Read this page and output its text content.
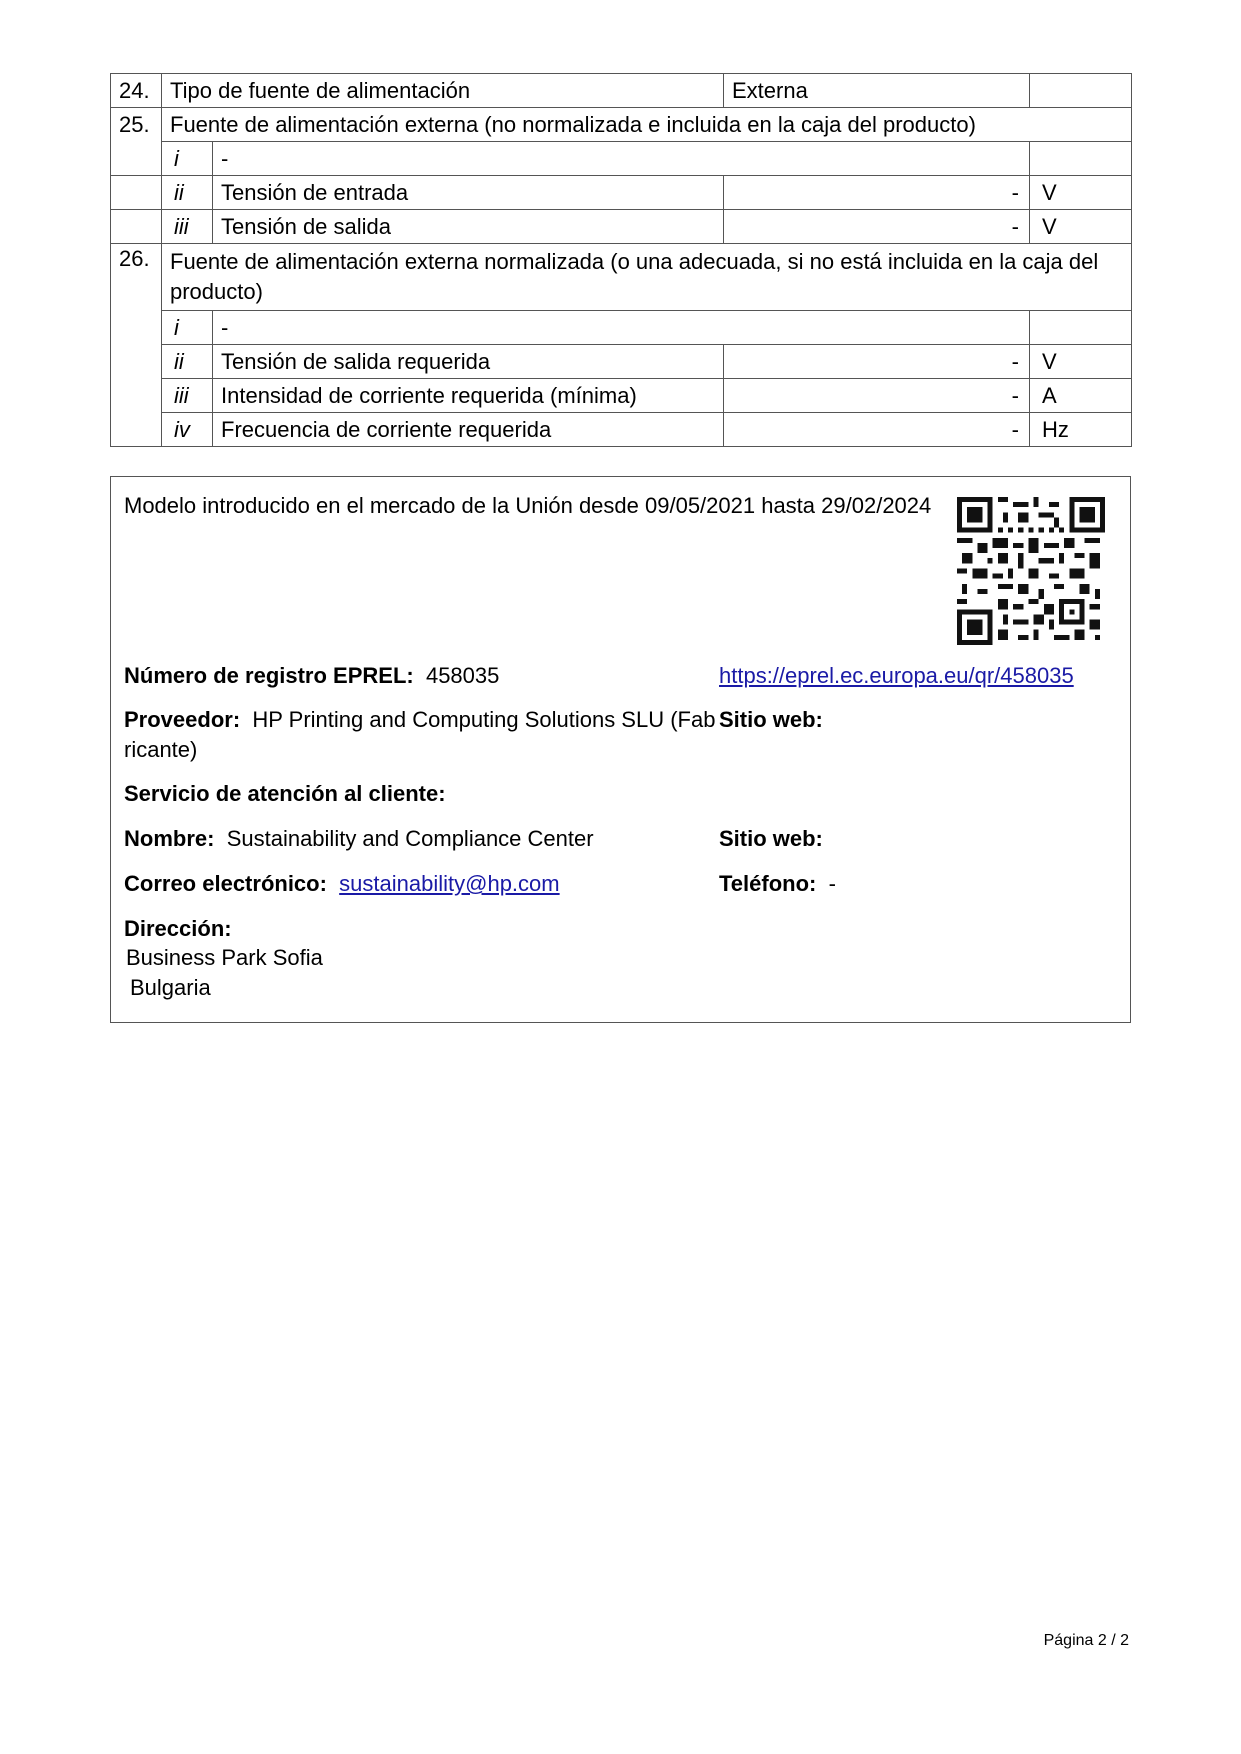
24.	Tipo de fuente de alimentación		Externa	
25.	Fuente de alimentación externa (no normalizada e incluida en la caja del producto)			
	i	-		
	ii	Tensión de entrada	-	V
	iii	Tensión de salida	-	V
26.	Fuente de alimentación externa normalizada (o una adecuada, si no está incluida en la caja del producto)			
	i	-		
	ii	Tensión de salida requerida	-	V
	iii	Intensidad de corriente requerida (mínima)	-	A
	iv	Frecuencia de corriente requerida	-	Hz
Modelo introducido en el mercado de la Unión desde 09/05/2021 hasta 29/02/2024
Número de registro EPREL: 458035	https://eprel.ec.europa.eu/qr/458035
Proveedor: HP Printing and Computing Solutions SLU (Fab
ricante)
Sitio web:
Servicio de atención al cliente:
Nombre: Sustainability and Compliance Center	Sitio web:
Correo electrónico: sustainability@hp.com	Teléfono: -
Dirección:
Business Park Sofia
Bulgaria
Página 2 / 2
